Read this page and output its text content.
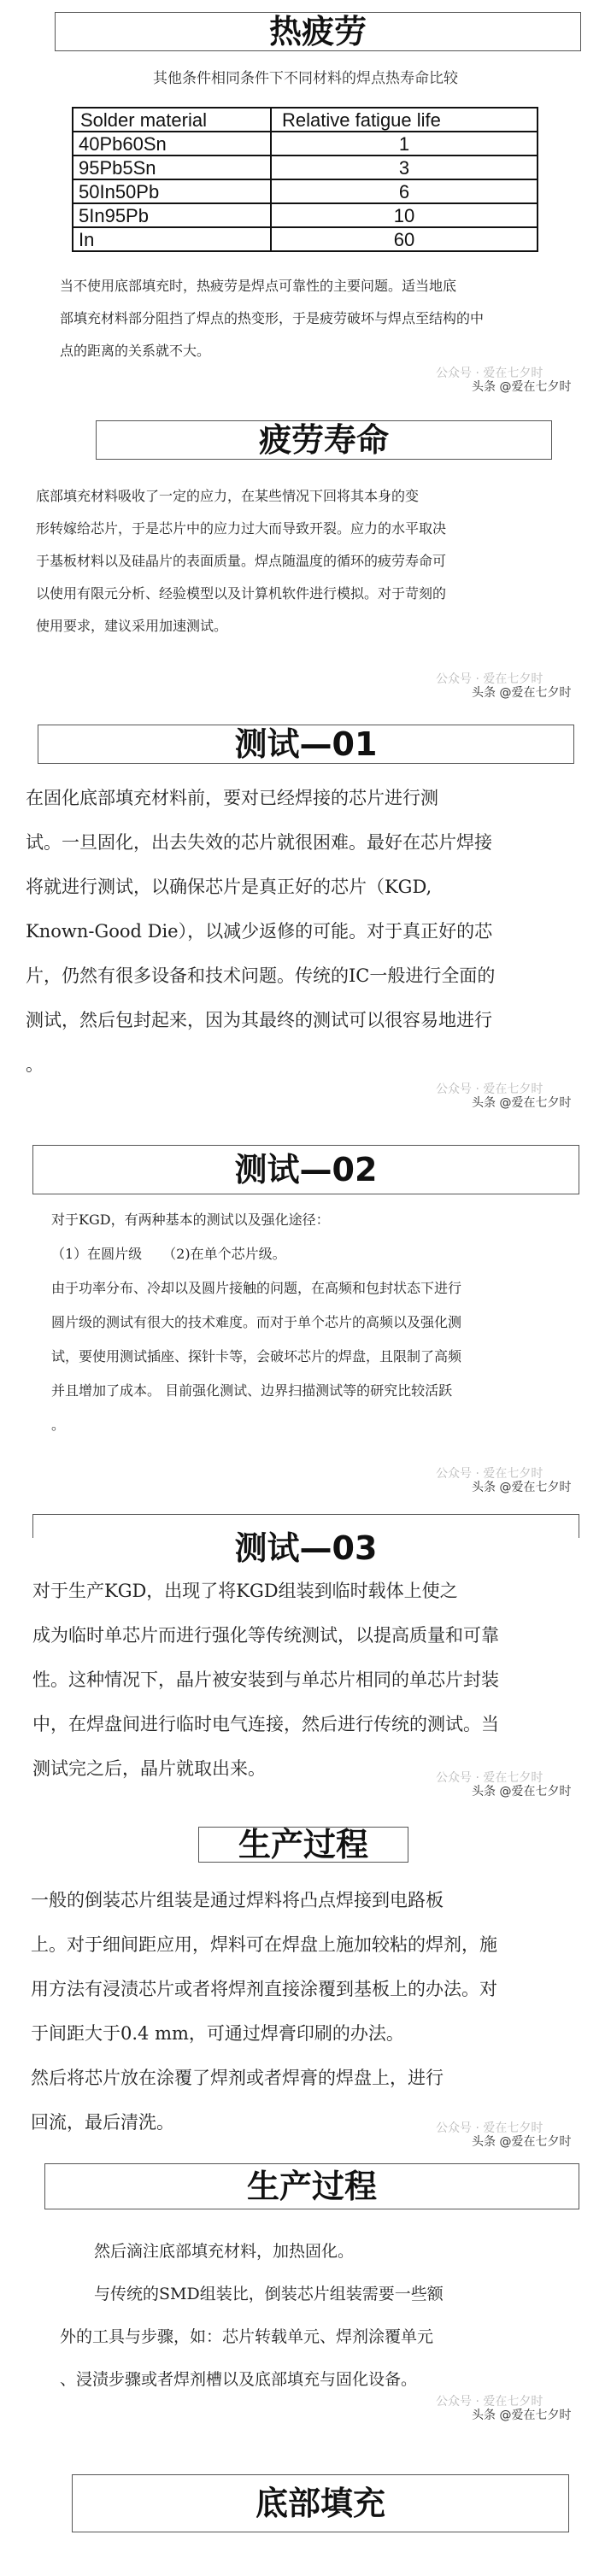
热疲劳
其他条件相同条件下不同材料的焊点热寿命比较
Solder material	Relative fatigue life
40Pb60Sn	1
95Pb5Sn	3
50In50Pb	6
5In95Pb	10
In	60

当不使用底部填充时，热疲劳是焊点可靠性的主要问题。适当地底
部填充材料部分阻挡了焊点的热变形，于是疲劳破坏与焊点至结构的中
点的距离的关系就不大。

公众号 · 爱在七夕时
头条 @爱在七夕时
疲劳寿命

底部填充材料吸收了一定的应力，在某些情况下回将其本身的变
形转嫁给芯片，于是芯片中的应力过大而导致开裂。应力的水平取决
于基板材料以及硅晶片的表面质量。焊点随温度的循环的疲劳寿命可
以使用有限元分析、经验模型以及计算机软件进行模拟。对于苛刻的
使用要求，建议采用加速测试。

公众号 · 爱在七夕时
头条 @爱在七夕时
测试—01

在固化底部填充材料前，要对已经焊接的芯片进行测
试。一旦固化，出去失效的芯片就很困难。最好在芯片焊接
将就进行测试，以确保芯片是真正好的芯片（KGD,
Known-Good Die），以减少返修的可能。对于真正好的芯
片，仍然有很多设备和技术问题。传统的IC一般进行全面的
测试，然后包封起来，因为其最终的测试可以很容易地进行
。

公众号 · 爱在七夕时
头条 @爱在七夕时
测试—02

对于KGD，有两种基本的测试以及强化途径：
（1）在圆片级　　（2)在单个芯片级。
由于功率分布、冷却以及圆片接触的问题，在高频和包封状态下进行
圆片级的测试有很大的技术难度。而对于单个芯片的高频以及强化测
试，要使用测试插座、探针卡等，会破坏芯片的焊盘，且限制了高频
并且增加了成本。 目前强化测试、边界扫描测试等的研究比较活跃
。

公众号 · 爱在七夕时
头条 @爱在七夕时
测试—03

对于生产KGD，出现了将KGD组装到临时载体上使之
成为临时单芯片而进行强化等传统测试，以提高质量和可靠
性。这种情况下，晶片被安装到与单芯片相同的单芯片封装
中，在焊盘间进行临时电气连接，然后进行传统的测试。当
测试完之后，晶片就取出来。	公众号 · 爱在七夕时
头条 @爱在七夕时
生产过程

一般的倒装芯片组装是通过焊料将凸点焊接到电路板
上。对于细间距应用，焊料可在焊盘上施加较粘的焊剂，施
用方法有浸渍芯片或者将焊剂直接涂覆到基板上的办法。对
于间距大于0.4 mm，可通过焊膏印刷的办法。
然后将芯片放在涂覆了焊剂或者焊膏的焊盘上，进行
回流，最后清洗。	公众号 · 爱在七夕时
头条 @爱在七夕时
生产过程

然后滴注底部填充材料，加热固化。
与传统的SMD组装比，倒装芯片组装需要一些额
外的工具与步骤，如：芯片转载单元、焊剂涂覆单元
、浸渍步骤或者焊剂槽以及底部填充与固化设备。

公众号 · 爱在七夕时
头条 @爱在七夕时
底部填充
